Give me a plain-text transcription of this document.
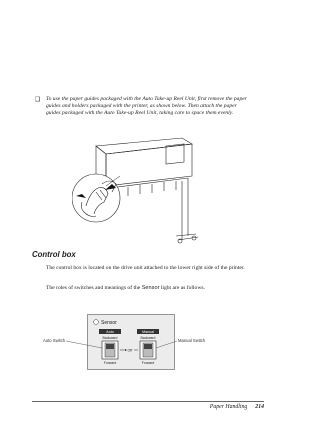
❑ To use the paper guides packaged with the Auto Take-up Reel Unit, first remove the paper guides and holders packaged with the printer, as shown below. Then attach the paper guides packaged with the Auto Take-up Reel Unit, taking care to space them evenly.
Control box
The control box is located on the drive unit attached to the lower right side of the printer.
The roles of switches and meanings of the Sensor light are as follows.
Sensor
Auto	Manual
Backward	Backward
Off
Forward	Forward
Auto Switch	Manual Switch
Paper Handling 214
